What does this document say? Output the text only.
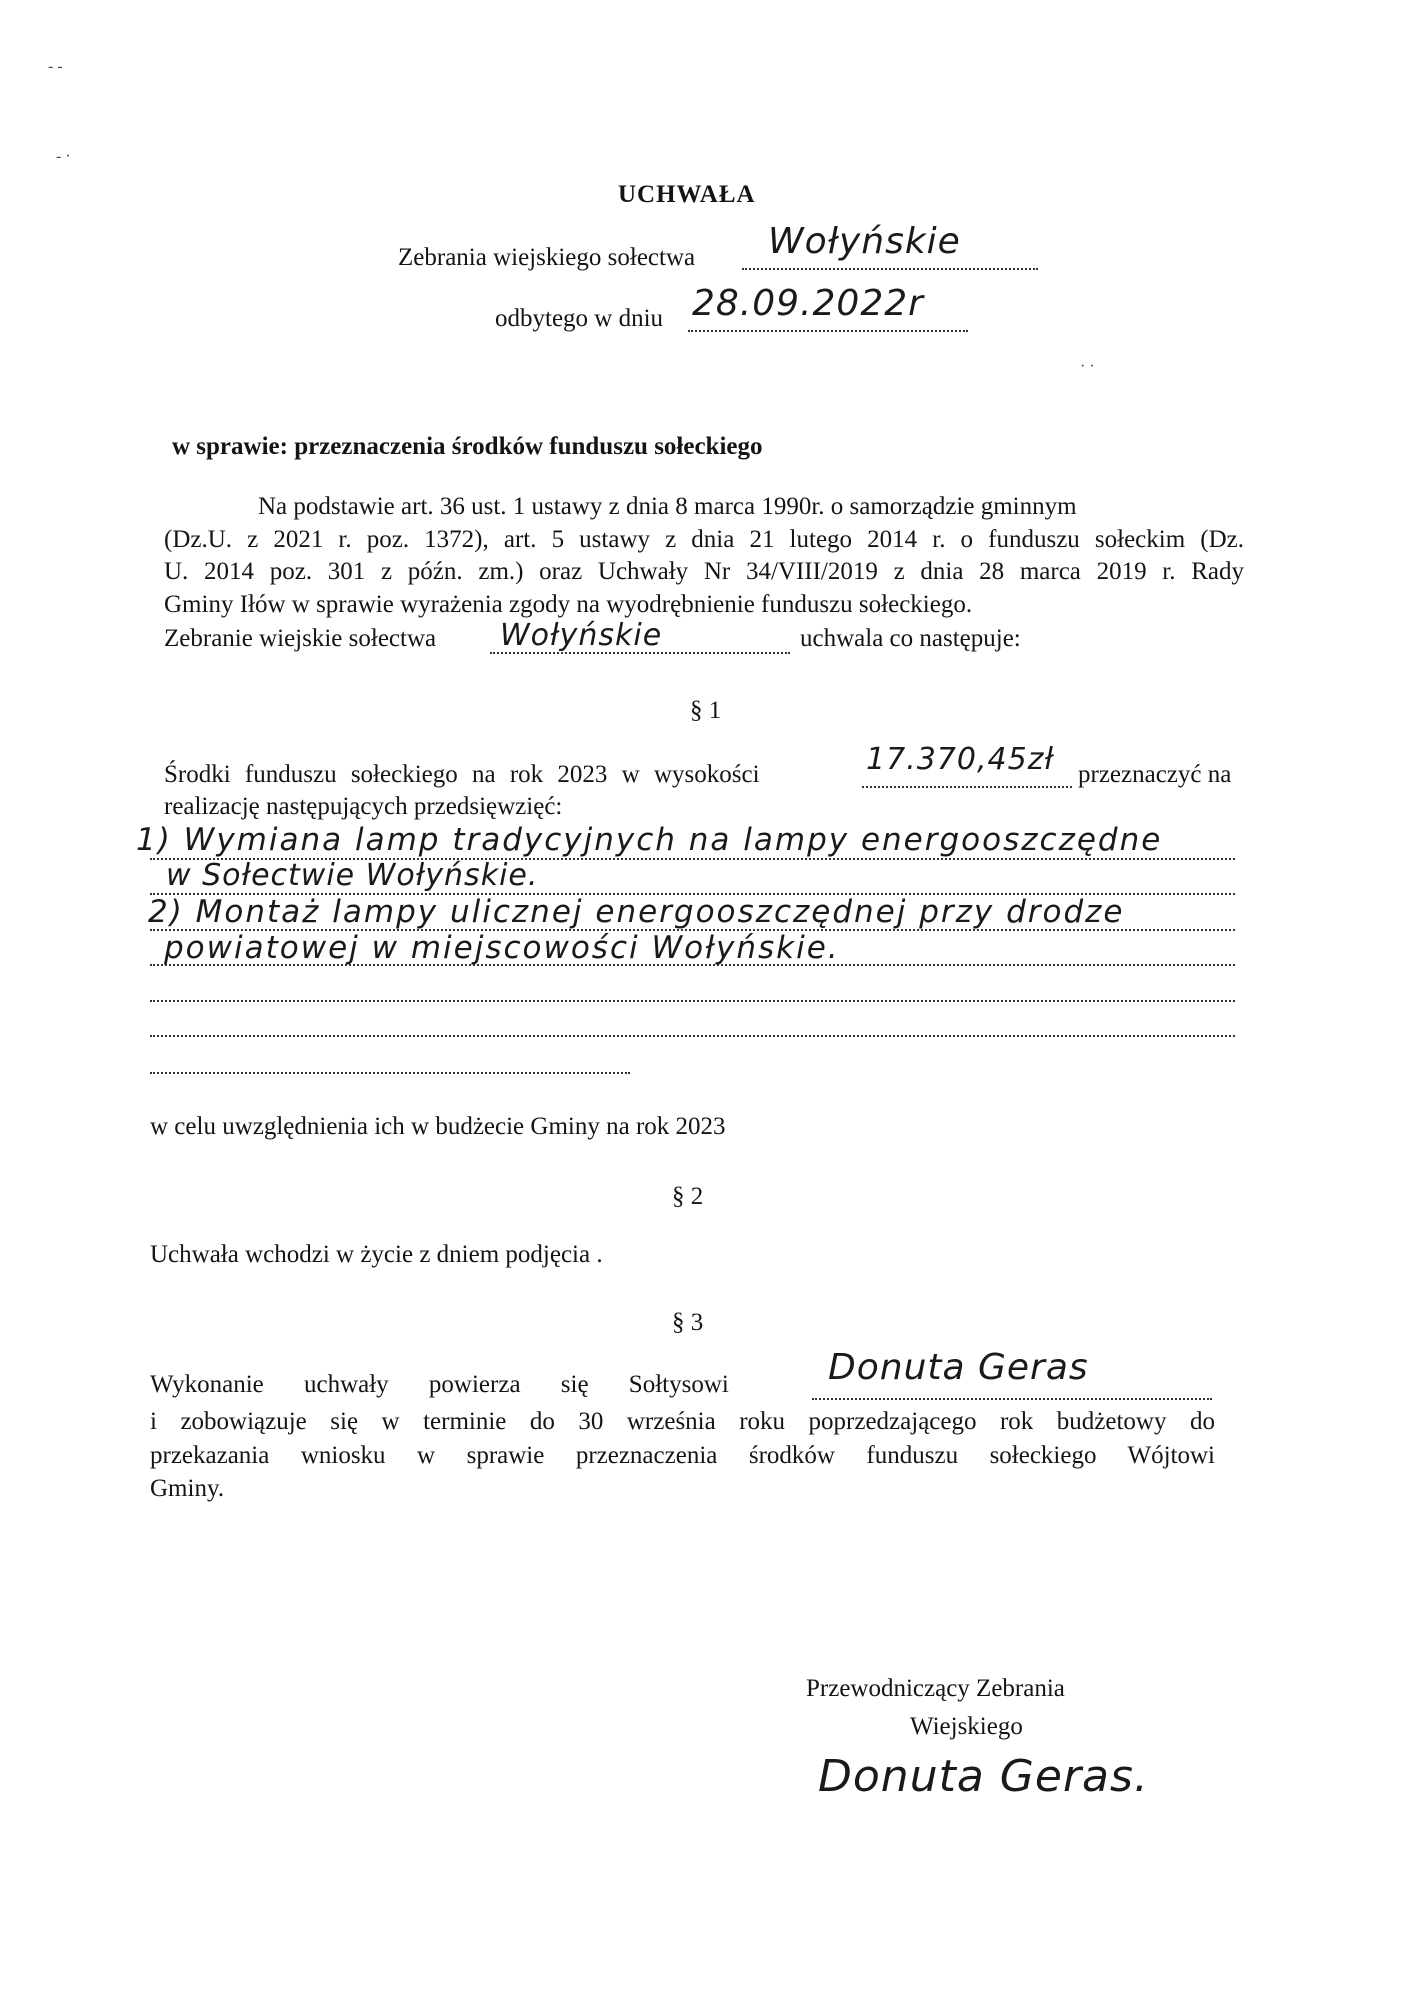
- -
- ·
· ·
UCHWAŁA
Zebrania wiejskiego sołectwa Wołyńskie
odbytego w dniu 28.09.2022r
w sprawie: przeznaczenia środków funduszu sołeckiego
Na podstawie art. 36 ust. 1 ustawy z dnia 8 marca 1990r. o samorządzie gminnym
(Dz.U. z 2021 r. poz. 1372), art. 5 ustawy z dnia 21 lutego 2014 r. o funduszu sołeckim (Dz.
U. 2014 poz. 301 z późn. zm.) oraz Uchwały Nr 34/VIII/2019 z dnia 28 marca 2019 r. Rady
Gminy Iłów w sprawie wyrażenia zgody na wyodrębnienie funduszu sołeckiego.
Zebranie wiejskie sołectwa Wołyńskie	uchwala co następuje:
§ 1
Środki funduszu sołeckiego na rok 2023 w wysokości	17.370,45zł przeznaczyć na
realizację następujących przedsięwzięć:
1) Wymiana lamp tradycyjnych na lampy energooszczędne
w Sołectwie Wołyńskie.
2) Montaż lampy ulicznej energooszczędnej przy drodze
powiatowej w miejscowości Wołyńskie.
w celu uwzględnienia ich w budżecie Gminy na rok 2023
§ 2
Uchwała wchodzi w życie z dniem podjęcia .
§ 3
Wykonanie uchwały powierza się Sołtysowi	Donuta Geras
i zobowiązuje się w terminie do 30 września roku poprzedzającego rok budżetowy do
przekazania wniosku w sprawie przeznaczenia środków funduszu sołeckiego Wójtowi
Gminy.
Przewodniczący Zebrania
Wiejskiego
Donuta Geras.
